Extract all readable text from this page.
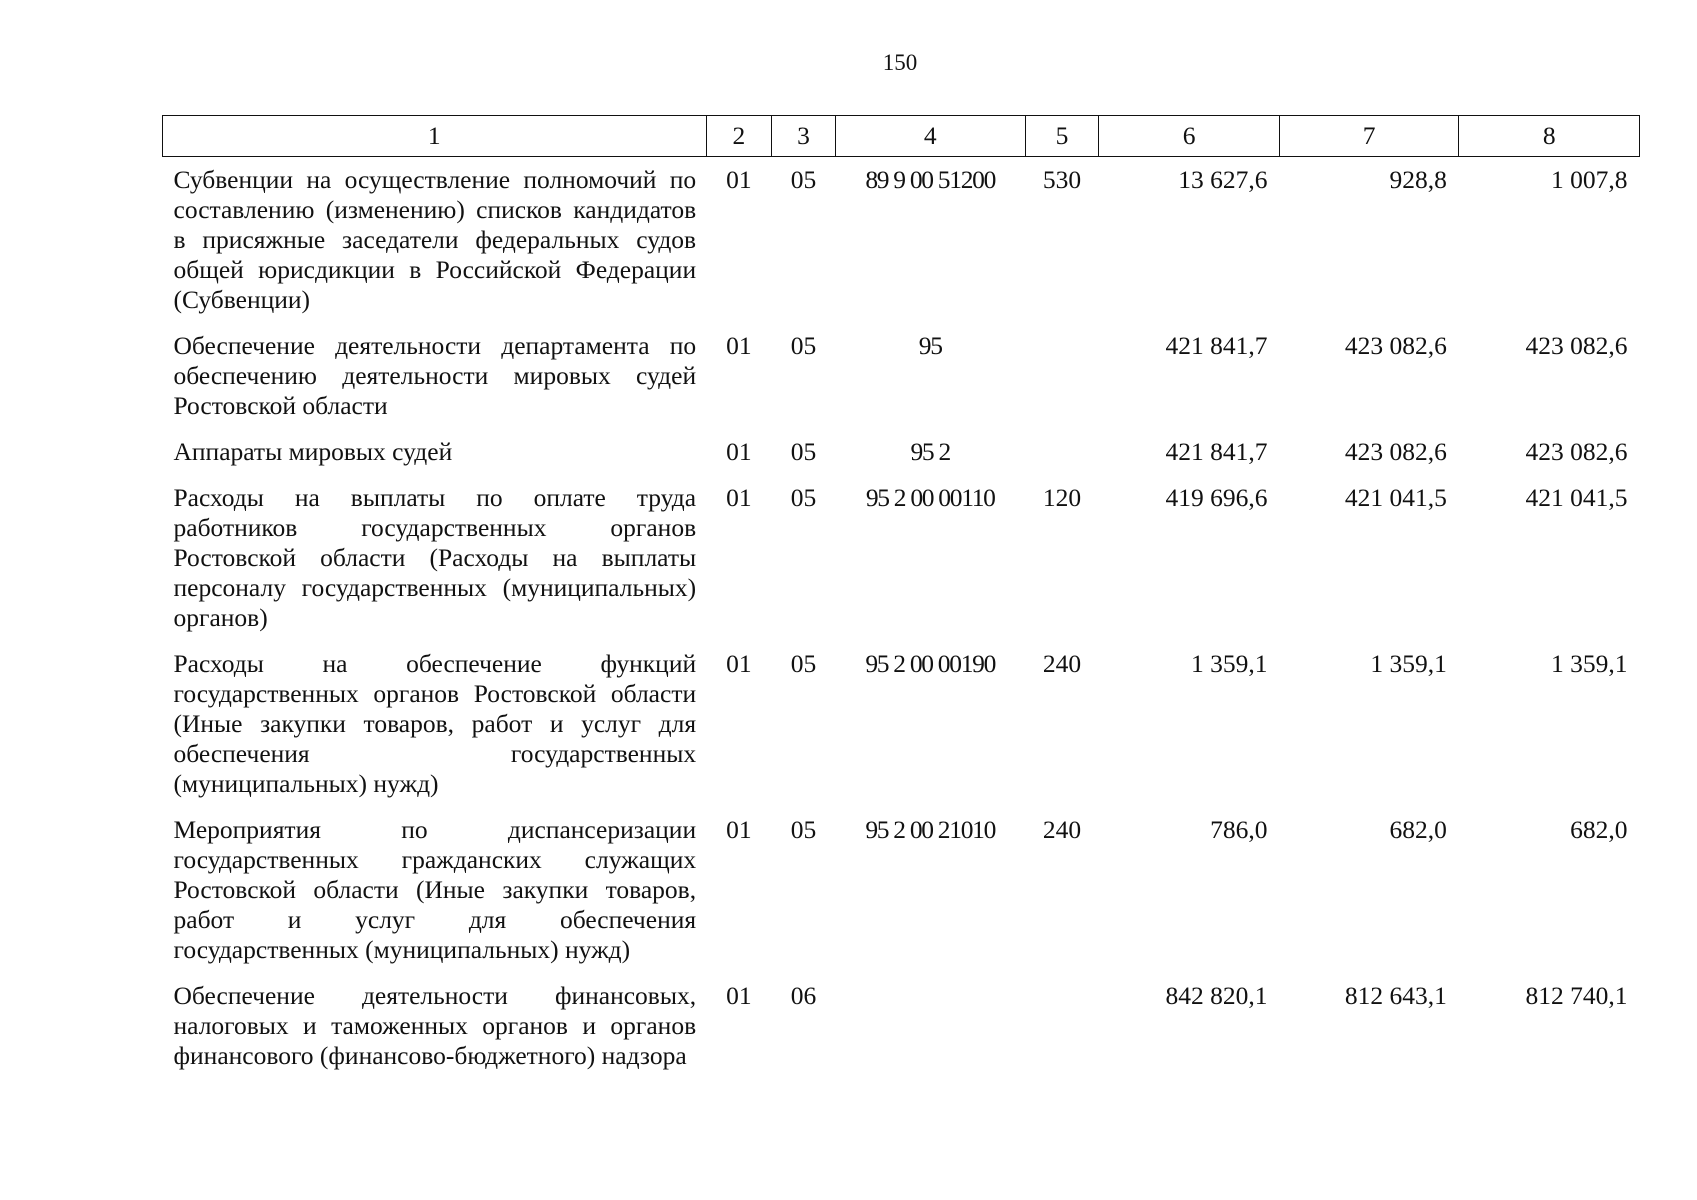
150
1	2	3	4	5	6	7	8
Субвенции на осуществление полномочий по составлению (изменению) списков кандидатов в присяжные заседатели федеральных судов общей юрисдикции в Российской Федерации (Субвенции)	01	05	89 9 00 51200	530	13 627,6	928,8	1 007,8
Обеспечение деятельности департамента по обеспечению деятельности мировых судей Ростовской области	01	05	95		421 841,7	423 082,6	423 082,6
Аппараты мировых судей	01	05	95 2		421 841,7	423 082,6	423 082,6
Расходы на выплаты по оплате труда работников государственных органов Ростовской области (Расходы на выплаты персоналу государственных (муниципальных) органов)	01	05	95 2 00 00110	120	419 696,6	421 041,5	421 041,5
Расходы на обеспечение функций государственных органов Ростовской области (Иные закупки товаров, работ и услуг для обеспечения государственных (муниципальных) нужд)	01	05	95 2 00 00190	240	1 359,1	1 359,1	1 359,1
Мероприятия по диспансеризации государственных гражданских служащих Ростовской области (Иные закупки товаров, работ и услуг для обеспечения государственных (муниципальных) нужд)	01	05	95 2 00 21010	240	786,0	682,0	682,0
Обеспечение деятельности финансовых, налоговых и таможенных органов и органов финансового (финансово-бюджетного) надзора	01	06			842 820,1	812 643,1	812 740,1
